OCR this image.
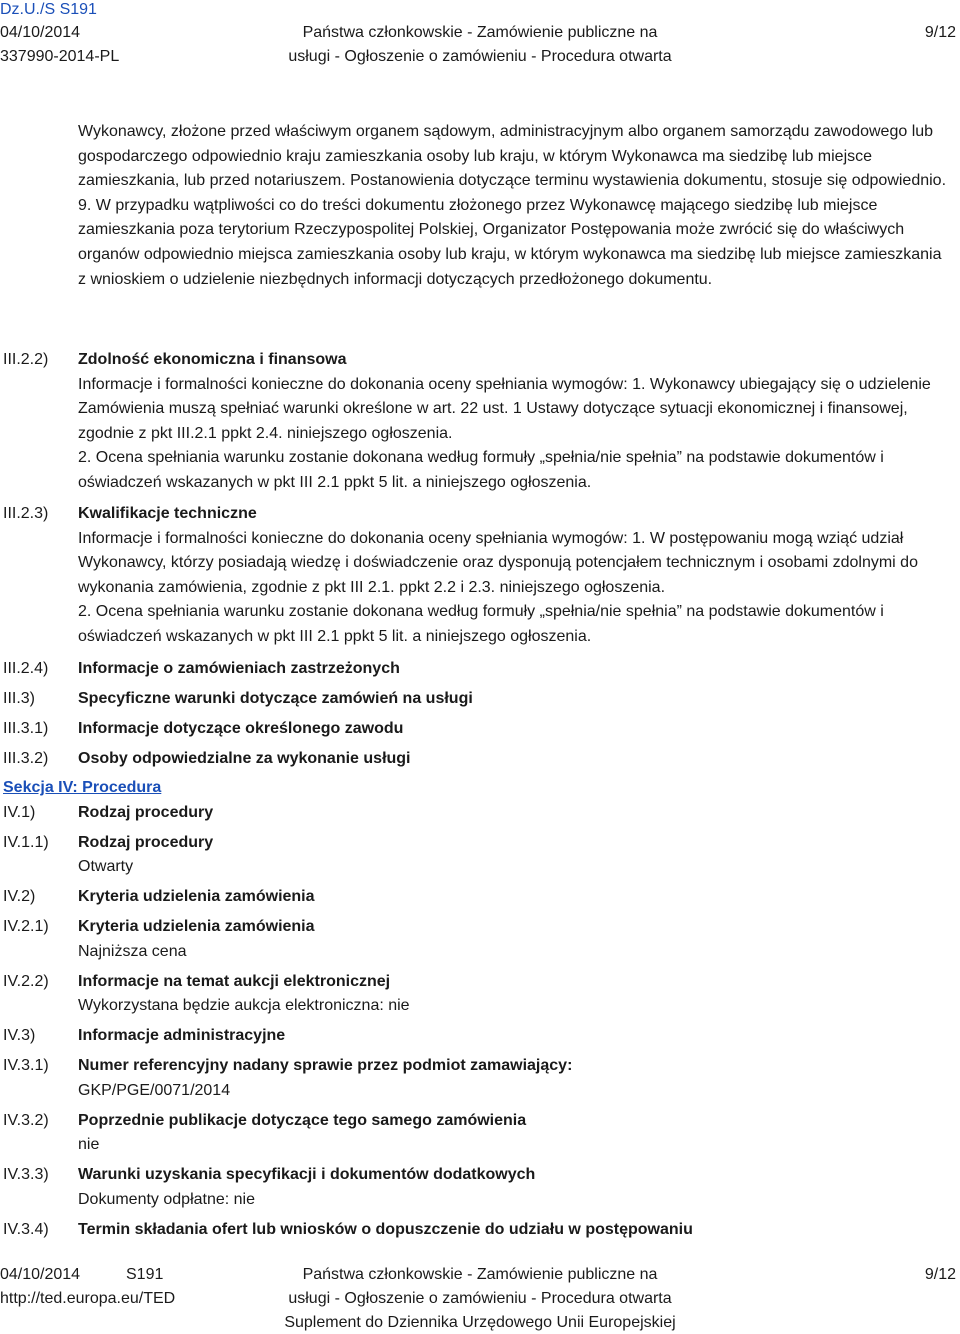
Dz.U./S S191
04/10/2014
337990-2014-PL
Państwa członkowskie - Zamówienie publiczne na
usługi - Ogłoszenie o zamówieniu - Procedura otwarta
9/12

Wykonawcy, złożone przed właściwym organem sądowym, administracyjnym albo organem samorządu zawodowego lub gospodarczego odpowiednio kraju zamieszkania osoby lub kraju, w którym Wykonawca ma siedzibę lub miejsce zamieszkania, lub przed notariuszem. Postanowienia dotyczące terminu wystawienia dokumentu, stosuje się odpowiednio.

9. W przypadku wątpliwości co do treści dokumentu złożonego przez Wykonawcę mającego siedzibę lub miejsce zamieszkania poza terytorium Rzeczypospolitej Polskiej, Organizator Postępowania może zwrócić się do właściwych organów odpowiednio miejsca zamieszkania osoby lub kraju, w którym wykonawca ma siedzibę lub miejsce zamieszkania z wnioskiem o udzielenie niezbędnych informacji dotyczących przedłożonego dokumentu.

III.2.2)	Zdolność ekonomiczna i finansowa

Informacje i formalności konieczne do dokonania oceny spełniania wymogów: 1. Wykonawcy ubiegający się o udzielenie Zamówienia muszą spełniać warunki określone w art. 22 ust. 1 Ustawy dotyczące sytuacji ekonomicznej i finansowej, zgodnie z pkt III.2.1 ppkt 2.4. niniejszego ogłoszenia.

2. Ocena spełniania warunku zostanie dokonana według formuły „spełnia/nie spełnia” na podstawie dokumentów i oświadczeń wskazanych w pkt III 2.1 ppkt 5 lit. a niniejszego ogłoszenia.

III.2.3)	Kwalifikacje techniczne

Informacje i formalności konieczne do dokonania oceny spełniania wymogów: 1. W postępowaniu mogą wziąć udział Wykonawcy, którzy posiadają wiedzę i doświadczenie oraz dysponują potencjałem technicznym i osobami zdolnymi do wykonania zamówienia, zgodnie z pkt III 2.1. ppkt 2.2 i 2.3. niniejszego ogłoszenia.

2. Ocena spełniania warunku zostanie dokonana według formuły „spełnia/nie spełnia” na podstawie dokumentów i oświadczeń wskazanych w pkt III 2.1 ppkt 5 lit. a niniejszego ogłoszenia.

III.2.4)	Informacje o zamówieniach zastrzeżonych
III.3)	Specyficzne warunki dotyczące zamówień na usługi
III.3.1)	Informacje dotyczące określonego zawodu
III.3.2)	Osoby odpowiedzialne za wykonanie usługi
Sekcja IV: Procedura
IV.1)	Rodzaj procedury
IV.1.1)	Rodzaj procedury
Otwarty
IV.2)	Kryteria udzielenia zamówienia
IV.2.1)	Kryteria udzielenia zamówienia
Najniższa cena
IV.2.2)	Informacje na temat aukcji elektronicznej
Wykorzystana będzie aukcja elektroniczna: nie
IV.3)	Informacje administracyjne
IV.3.1)	Numer referencyjny nadany sprawie przez podmiot zamawiający:
GKP/PGE/0071/2014
IV.3.2)	Poprzednie publikacje dotyczące tego samego zamówienia
nie
IV.3.3)	Warunki uzyskania specyfikacji i dokumentów dodatkowych
Dokumenty odpłatne: nie
IV.3.4)	Termin składania ofert lub wniosków o dopuszczenie do udziału w postępowaniu
04/10/2014	S191
http://ted.europa.eu/TED
Państwa członkowskie - Zamówienie publiczne na
usługi - Ogłoszenie o zamówieniu - Procedura otwarta
Suplement do Dziennika Urzędowego Unii Europejskiej
9/12
